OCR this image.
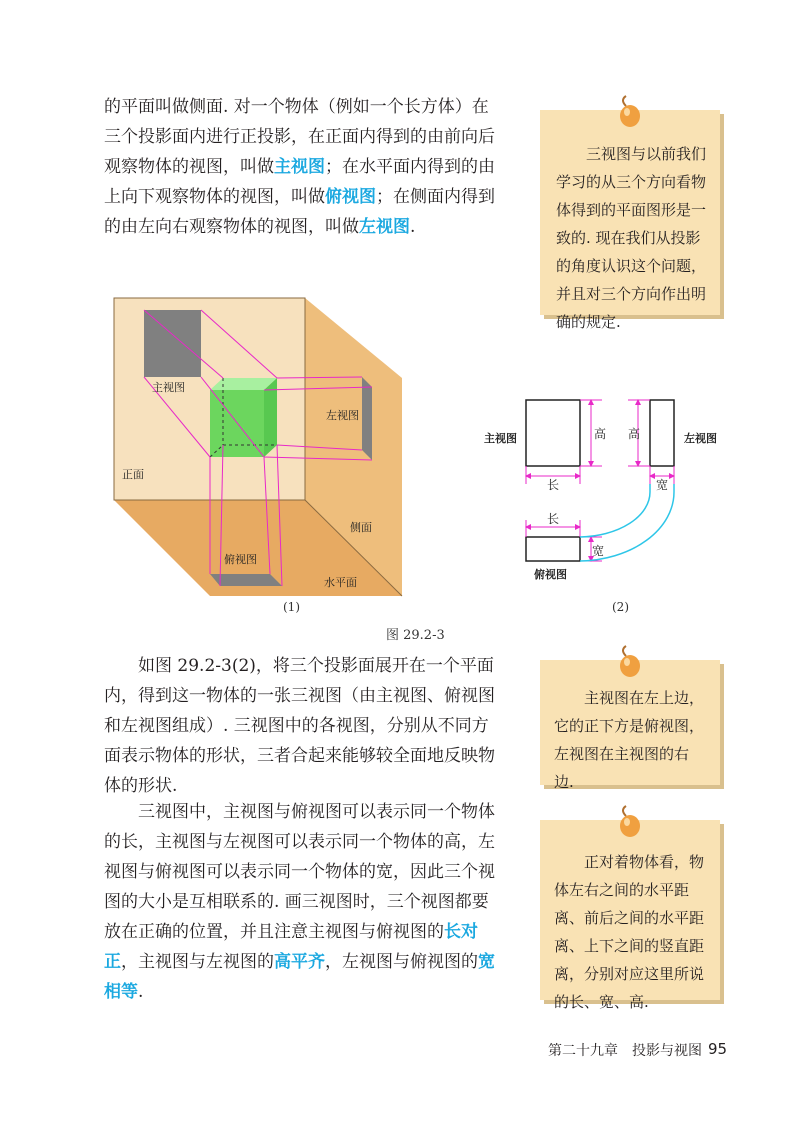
的平面叫做侧面. 对一个物体（例如一个长方体）在三个投影面内进行正投影，在正面内得到的由前向后观察物体的视图，叫做主视图；在水平面内得到的由上向下观察物体的视图，叫做俯视图；在侧面内得到的由左向右观察物体的视图，叫做左视图.

三视图与以前我们学习的从三个方向看物体得到的平面图形是一致的. 现在我们从投影的角度认识这个问题，并且对三个方向作出明确的规定.

主视图
左视图
俯视图
正面
侧面
水平面
主视图	左视图
俯视图
高 高
长
长
宽
宽
(1)	(2)
图 29.2-3

如图 29.2-3(2)，将三个投影面展开在一个平面内，得到这一物体的一张三视图（由主视图、俯视图和左视图组成）. 三视图中的各视图，分别从不同方面表示物体的形状，三者合起来能够较全面地反映物体的形状.

三视图中，主视图与俯视图可以表示同一个物体的长，主视图与左视图可以表示同一个物体的高，左视图与俯视图可以表示同一个物体的宽，因此三个视图的大小是互相联系的. 画三视图时，三个视图都要放在正确的位置，并且注意主视图与俯视图的长对正，主视图与左视图的高平齐，左视图与俯视图的宽相等.

主视图在左上边，它的正下方是俯视图，左视图在主视图的右边.

正对着物体看，物体左右之间的水平距离、前后之间的水平距离、上下之间的竖直距离，分别对应这里所说的长、宽、高.

第二十九章　投影与视图 95
